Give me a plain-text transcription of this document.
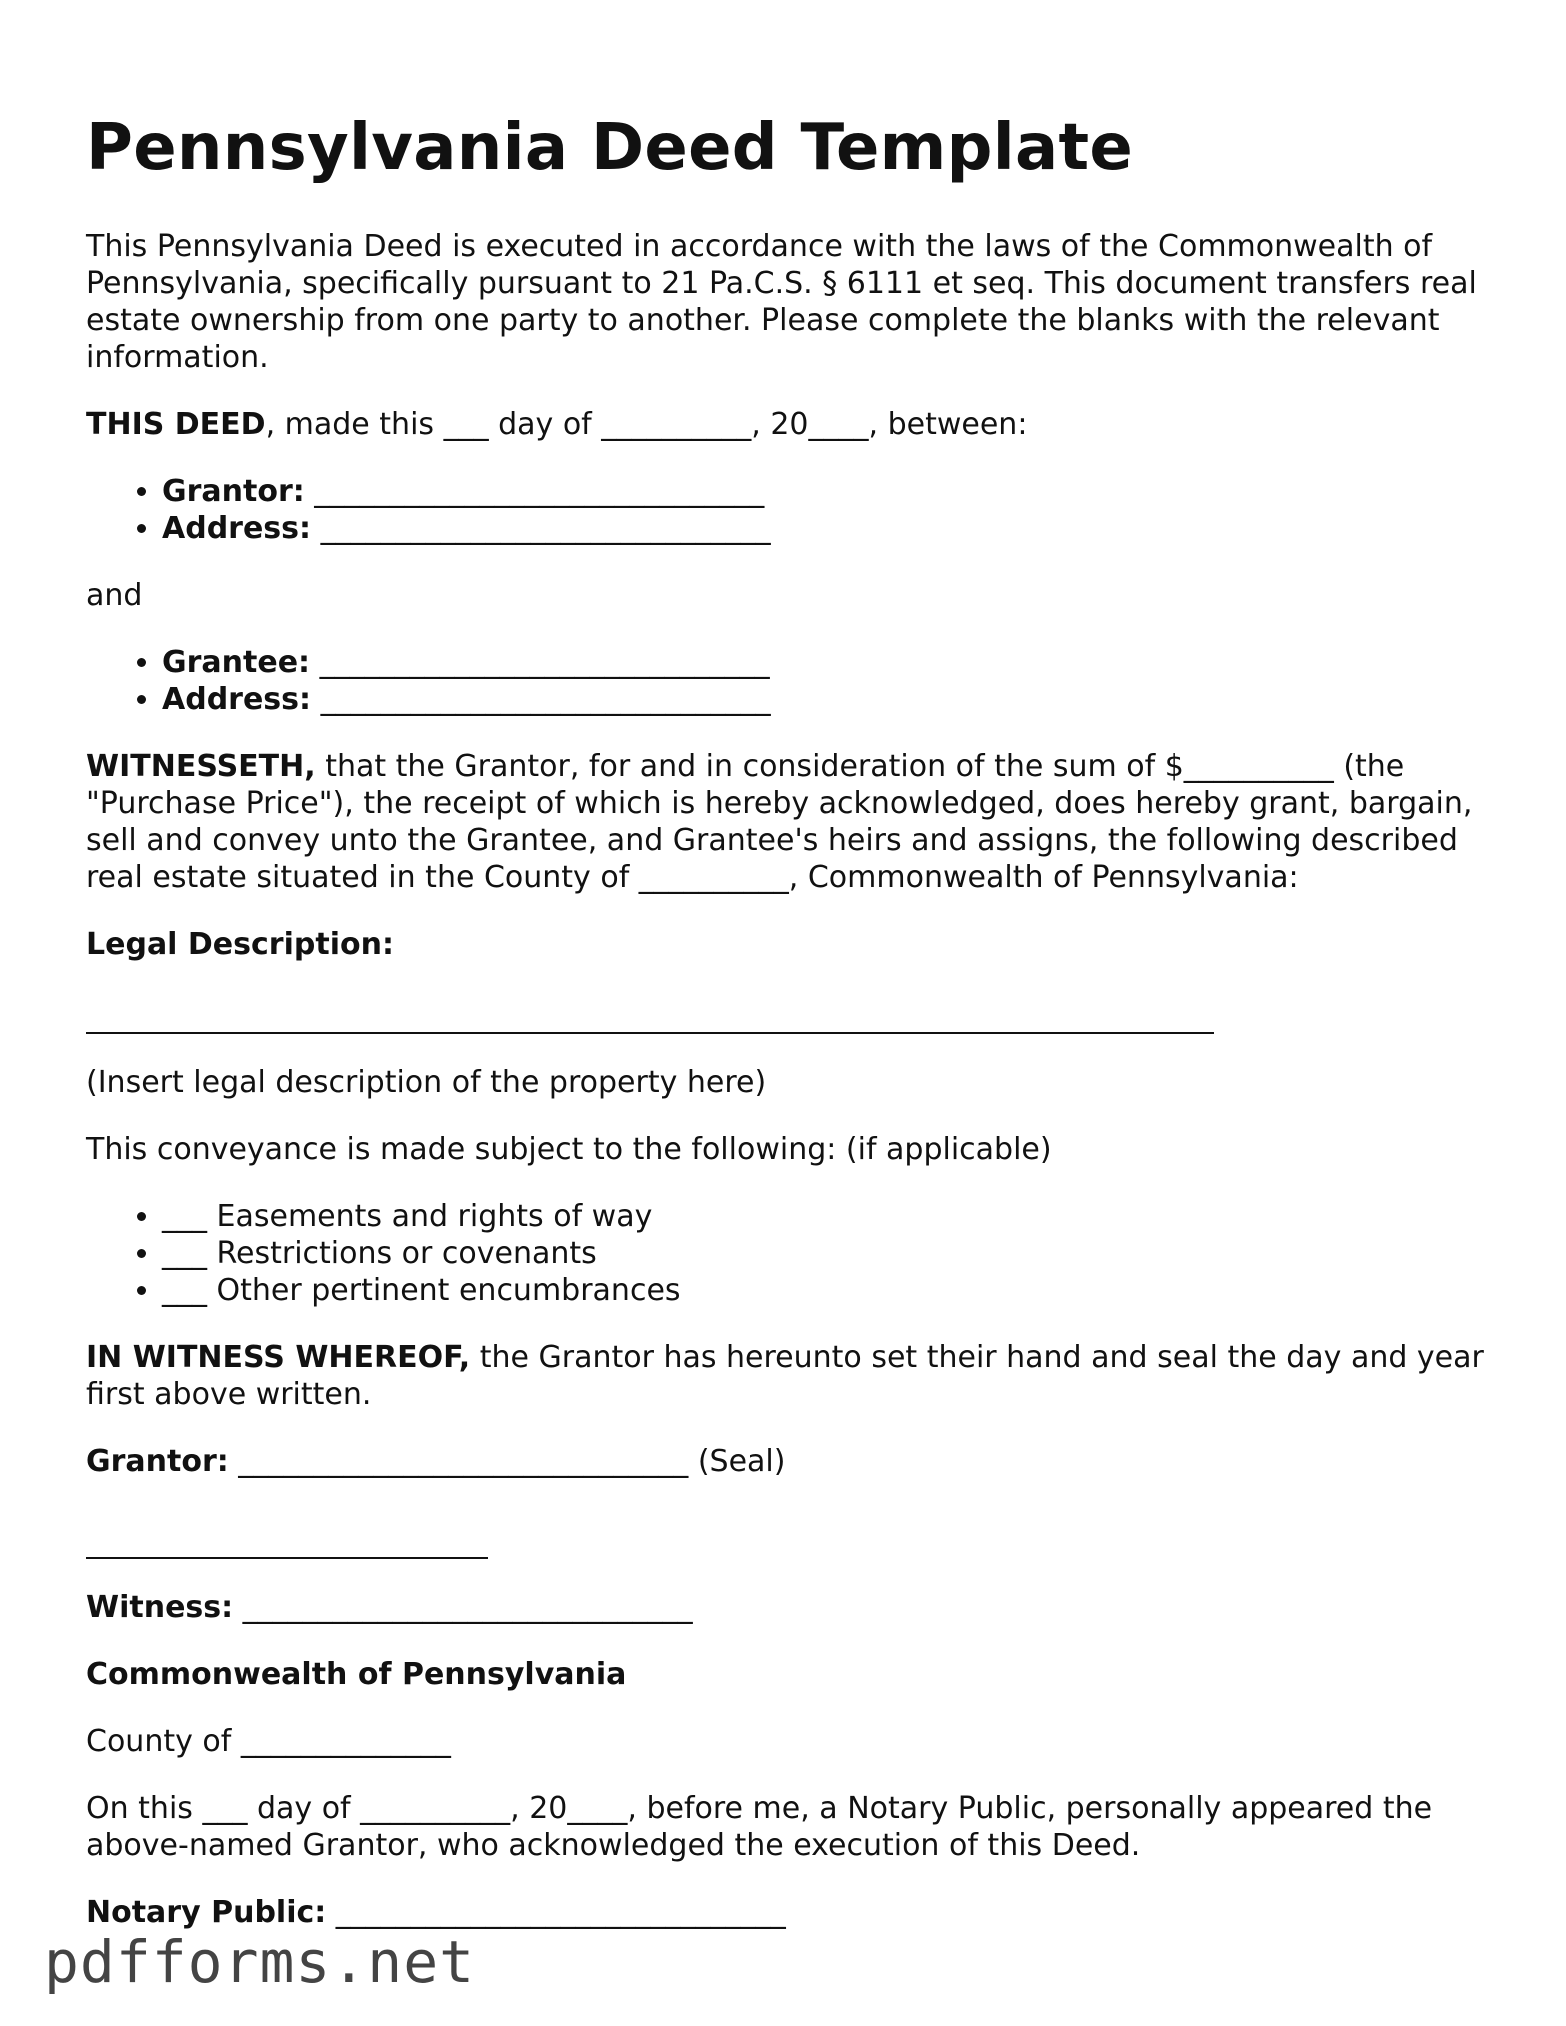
Pennsylvania Deed Template

This Pennsylvania Deed is executed in accordance with the laws of the Commonwealth of Pennsylvania, specifically pursuant to 21 Pa.C.S. § 6111 et seq. This document transfers real estate ownership from one party to another. Please complete the blanks with the relevant information.

THIS DEED, made this ___ day of __________, 20____, between:

• Grantor: ______________________________
• Address: ______________________________

and

• Grantee: ______________________________
• Address: ______________________________

WITNESSETH, that the Grantor, for and in consideration of the sum of $__________ (the "Purchase Price"), the receipt of which is hereby acknowledged, does hereby grant, bargain, sell and convey unto the Grantee, and Grantee's heirs and assigns, the following described real estate situated in the County of __________, Commonwealth of Pennsylvania:

Legal Description:

(Insert legal description of the property here)

This conveyance is made subject to the following: (if applicable)

• ___ Easements and rights of way
• ___ Restrictions or covenants
• ___ Other pertinent encumbrances

IN WITNESS WHEREOF, the Grantor has hereunto set their hand and seal the day and year first above written.

Grantor: ______________________________ (Seal)

Witness: ______________________________

Commonwealth of Pennsylvania

County of ______________

On this ___ day of __________, 20____, before me, a Notary Public, personally appeared the above-named Grantor, who acknowledged the execution of this Deed.

Notary Public: ______________________________

pdfforms.net
